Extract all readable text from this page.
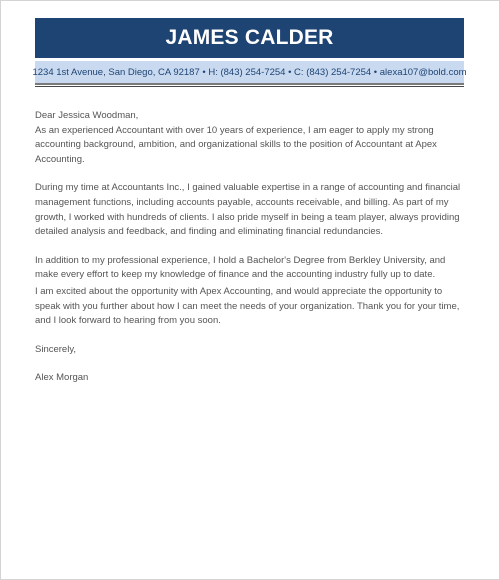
JAMES CALDER
1234 1st Avenue, San Diego, CA 92187 • H: (843) 254-7254 • C: (843) 254-7254 • alexa107@bold.com

Dear Jessica Woodman,

As an experienced Accountant with over 10 years of experience, I am eager to apply my strong accounting background, ambition, and organizational skills to the position of Accountant at Apex Accounting.

During my time at Accountants Inc., I gained valuable expertise in a range of accounting and financial management functions, including accounts payable, accounts receivable, and billing. As part of my growth, I worked with hundreds of clients. I also pride myself in being a team player, always providing detailed analysis and feedback, and finding and eliminating financial redundancies.

In addition to my professional experience, I hold a Bachelor's Degree from Berkley University, and make every effort to keep my knowledge of finance and the accounting industry fully up to date.

I am excited about the opportunity with Apex Accounting, and would appreciate the opportunity to speak with you further about how I can meet the needs of your organization. Thank you for your time, and I look forward to hearing from you soon.

Sincerely,

Alex Morgan
